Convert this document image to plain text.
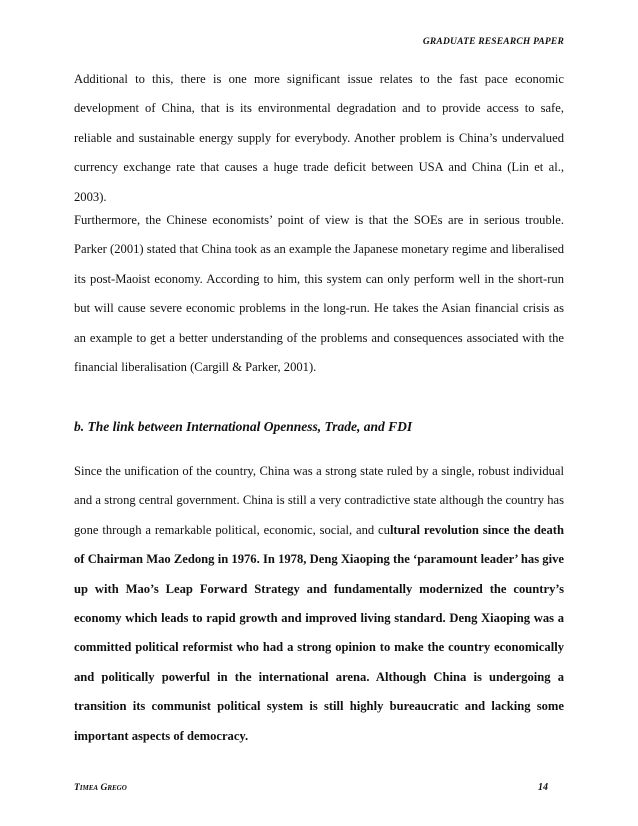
GRADUATE RESEARCH PAPER

Additional to this, there is one more significant issue relates to the fast pace economic development of China, that is its environmental degradation and to provide access to safe, reliable and sustainable energy supply for everybody. Another problem is China’s undervalued currency exchange rate that causes a huge trade deficit between USA and China (Lin et al., 2003).

Furthermore, the Chinese economists’ point of view is that the SOEs are in serious trouble. Parker (2001) stated that China took as an example the Japanese monetary regime and liberalised its post-Maoist economy. According to him, this system can only perform well in the short-run but will cause severe economic problems in the long-run. He takes the Asian financial crisis as an example to get a better understanding of the problems and consequences associated with the financial liberalisation (Cargill & Parker, 2001).

b. The link between International Openness, Trade, and FDI

Since the unification of the country, China was a strong state ruled by a single, robust individual and a strong central government. China is still a very contradictive state although the country has gone through a remarkable political, economic, social, and cultural revolution since the death of Chairman Mao Zedong in 1976. In 1978, Deng Xiaoping the ‘paramount leader’ has give up with Mao’s Leap Forward Strategy and fundamentally modernized the country’s economy which leads to rapid growth and improved living standard. Deng Xiaoping was a committed political reformist who had a strong opinion to make the country economically and politically powerful in the international arena. Although China is undergoing a transition its communist political system is still highly bureaucratic and lacking some important aspects of democracy.

Timea Grego	14
